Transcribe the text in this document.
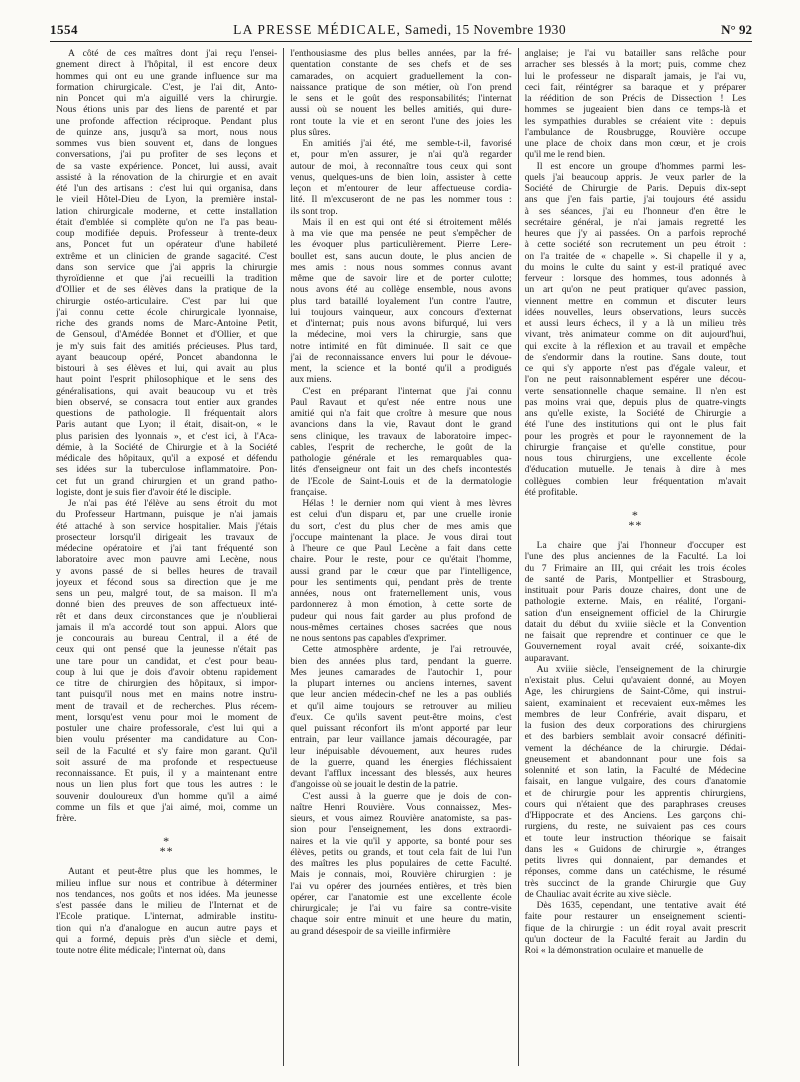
1554	LA PRESSE MÉDICALE, Samedi, 15 Novembre 1930	N° 92
A côté de ces maîtres dont j'ai reçu l'ensei-
gnement direct à l'hôpital, il est encore deux
hommes qui ont eu une grande influence sur ma
formation chirurgicale. C'est, je l'ai dit, Anto-
nin Poncet qui m'a aiguillé vers la chirurgie.
Nous étions unis par des liens de parenté et par
une profonde affection réciproque. Pendant plus
de quinze ans, jusqu'à sa mort, nous nous
sommes vus bien souvent et, dans de longues
conversations, j'ai pu profiter de ses leçons et
de sa vaste expérience. Poncet, lui aussi, avait
assisté à la rénovation de la chirurgie et en avait
été l'un des artisans : c'est lui qui organisa, dans
le vieil Hôtel-Dieu de Lyon, la première instal-
lation chirurgicale moderne, et cette installation
était d'emblée si complète qu'on ne l'a pas beau-
coup modifiée depuis. Professeur à trente-deux
ans, Poncet fut un opérateur d'une habileté
extrême et un clinicien de grande sagacité. C'est
dans son service que j'ai appris la chirurgie
thyroïdienne et que j'ai recueilli la tradition
d'Ollier et de ses élèves dans la pratique de la
chirurgie ostéo-articulaire. C'est par lui que
j'ai connu cette école chirurgicale lyonnaise,
riche des grands noms de Marc-Antoine Petit,
de Gensoul, d'Amédée Bonnet et d'Ollier, et que
je m'y suis fait des amitiés précieuses. Plus tard,
ayant beaucoup opéré, Poncet abandonna le
bistouri à ses élèves et lui, qui avait au plus
haut point l'esprit philosophique et le sens des
généralisations, qui avait beaucoup vu et très
bien observé, se consacra tout entier aux grandes
questions de pathologie. Il fréquentait alors
Paris autant que Lyon; il était, disait-on, « le
plus parisien des lyonnais », et c'est ici, à l'Aca-
démie, à la Société de Chirurgie et à la Société
médicale des hôpitaux, qu'il a exposé et défendu
ses idées sur la tuberculose inflammatoire. Pon-
cet fut un grand chirurgien et un grand patho-
logiste, dont je suis fier d'avoir été le disciple.
Je n'ai pas été l'élève au sens étroit du mot
du Professeur Hartmann, puisque je n'ai jamais
été attaché à son service hospitalier. Mais j'étais
prosecteur lorsqu'il dirigeait les travaux de
médecine opératoire et j'ai tant fréquenté son
laboratoire avec mon pauvre ami Lecène, nous
y avons passé de si belles heures de travail
joyeux et fécond sous sa direction que je me
sens un peu, malgré tout, de sa maison. Il m'a
donné bien des preuves de son affectueux inté-
rêt et dans deux circonstances que je n'oublierai
jamais il m'a accordé tout son appui. Alors que
je concourais au bureau Central, il a été de
ceux qui ont pensé que la jeunesse n'était pas
une tare pour un candidat, et c'est pour beau-
coup à lui que je dois d'avoir obtenu rapidement
ce titre de chirurgien des hôpitaux, si impor-
tant puisqu'il nous met en mains notre instru-
ment de travail et de recherches. Plus récem-
ment, lorsqu'est venu pour moi le moment de
postuler une chaire professorale, c'est lui qui a
bien voulu présenter ma candidature au Con-
seil de la Faculté et s'y faire mon garant. Qu'il
soit assuré de ma profonde et respectueuse
reconnaissance. Et puis, il y a maintenant entre
nous un lien plus fort que tous les autres : le
souvenir douloureux d'un homme qu'il a aimé
comme un fils et que j'ai aimé, moi, comme un
frère.
*
**
Autant et peut-être plus que les hommes, le
milieu influe sur nous et contribue à déterminer
nos tendances, nos goûts et nos idées. Ma jeunesse
s'est passée dans le milieu de l'Internat et de
l'Ecole pratique. L'internat, admirable institu-
tion qui n'a d'analogue en aucun autre pays et
qui a formé, depuis près d'un siècle et demi,
toute notre élite médicale; l'internat où, dans
l'enthousiasme des plus belles années, par la fré-
quentation constante de ses chefs et de ses
camarades, on acquiert graduellement la con-
naissance pratique de son métier, où l'on prend
le sens et le goût des responsabilités; l'internat
aussi où se nouent les belles amitiés, qui dure-
ront toute la vie et en seront l'une des joies les
plus sûres.
En amitiés j'ai été, me semble-t-il, favorisé
et, pour m'en assurer, je n'ai qu'à regarder
autour de moi, à reconnaître tous ceux qui sont
venus, quelques-uns de bien loin, assister à cette
leçon et m'entourer de leur affectueuse cordia-
lité. Il m'excuseront de ne pas les nommer tous :
ils sont trop.
Mais il en est qui ont été si étroitement mêlés
à ma vie que ma pensée ne peut s'empêcher de
les évoquer plus particulièrement. Pierre Lere-
boullet est, sans aucun doute, le plus ancien de
mes amis : nous nous sommes connus avant
même que de savoir lire et de porter culotte;
nous avons été au collège ensemble, nous avons
plus tard bataillé loyalement l'un contre l'autre,
lui toujours vainqueur, aux concours d'externat
et d'internat; puis nous avons bifurqué, lui vers
la médecine, moi vers la chirurgie, sans que
notre intimité en fût diminuée. Il sait ce que
j'ai de reconnaissance envers lui pour le dévoue-
ment, la science et la bonté qu'il a prodigués
aux miens.
C'est en préparant l'internat que j'ai connu
Paul Ravaut et qu'est née entre nous une
amitié qui n'a fait que croître à mesure que nous
avancions dans la vie, Ravaut dont le grand
sens clinique, les travaux de laboratoire impec-
cables, l'esprit de recherche, le goût de la
pathologie générale et les remarquables qua-
lités d'enseigneur ont fait un des chefs incontestés
de l'Ecole de Saint-Louis et de la dermatologie
française.
Hélas ! le dernier nom qui vient à mes lèvres
est celui d'un disparu et, par une cruelle ironie
du sort, c'est du plus cher de mes amis que
j'occupe maintenant la place. Je vous dirai tout
à l'heure ce que Paul Lecène a fait dans cette
chaire. Pour le reste, pour ce qu'était l'homme,
aussi grand par le cœur que par l'intelligence,
pour les sentiments qui, pendant près de trente
années, nous ont fraternellement unis, vous
pardonnerez à mon émotion, à cette sorte de
pudeur qui nous fait garder au plus profond de
nous-mêmes certaines choses sacrées que nous
ne nous sentons pas capables d'exprimer.
Cette atmosphère ardente, je l'ai retrouvée,
bien des années plus tard, pendant la guerre.
Mes jeunes camarades de l'autochir 1, pour
la plupart internes ou anciens internes, savent
que leur ancien médecin-chef ne les a pas oubliés
et qu'il aime toujours se retrouver au milieu
d'eux. Ce qu'ils savent peut-être moins, c'est
quel puissant réconfort ils m'ont apporté par leur
entrain, par leur vaillance jamais découragée, par
leur inépuisable dévouement, aux heures rudes
de la guerre, quand les énergies fléchissaient
devant l'afflux incessant des blessés, aux heures
d'angoisse où se jouait le destin de la patrie.
C'est aussi à la guerre que je dois de con-
naître Henri Rouvière. Vous connaissez, Mes-
sieurs, et vous aimez Rouvière anatomiste, sa pas-
sion pour l'enseignement, les dons extraordi-
naires et la vie qu'il y apporte, sa bonté pour ses
élèves, petits ou grands, et tout cela fait de lui l'un
des maîtres les plus populaires de cette Faculté.
Mais je connais, moi, Rouvière chirurgien : je
l'ai vu opérer des journées entières, et très bien
opérer, car l'anatomie est une excellente école
chirurgicale; je l'ai vu faire sa contre-visite
chaque soir entre minuit et une heure du matin,
au grand désespoir de sa vieille infirmière
anglaise; je l'ai vu batailler sans relâche pour
arracher ses blessés à la mort; puis, comme chez
lui le professeur ne disparaît jamais, je l'ai vu,
ceci fait, réintégrer sa baraque et y préparer
la réédition de son Précis de Dissection ! Les
hommes se jugeaient bien dans ce temps-là et
les sympathies durables se créaient vite : depuis
l'ambulance de Rousbrugge, Rouvière occupe
une place de choix dans mon cœur, et je crois
qu'il me le rend bien.
Il est encore un groupe d'hommes parmi les-
quels j'ai beaucoup appris. Je veux parler de la
Société de Chirurgie de Paris. Depuis dix-sept
ans que j'en fais partie, j'ai toujours été assidu
à ses séances, j'ai eu l'honneur d'en être le
secrétaire général, je n'ai jamais regretté les
heures que j'y ai passées. On a parfois reproché
à cette société son recrutement un peu étroit :
on l'a traitée de « chapelle ». Si chapelle il y a,
du moins le culte du saint y est-il pratiqué avec
ferveur : lorsque des hommes, tous adonnés à
un art qu'on ne peut pratiquer qu'avec passion,
viennent mettre en commun et discuter leurs
idées nouvelles, leurs observations, leurs succès
et aussi leurs échecs, il y a là un milieu très
vivant, très animateur comme on dit aujourd'hui,
qui excite à la réflexion et au travail et empêche
de s'endormir dans la routine. Sans doute, tout
ce qui s'y apporte n'est pas d'égale valeur, et
l'on ne peut raisonnablement espérer une décou-
verte sensationnelle chaque semaine. Il n'en est
pas moins vrai que, depuis plus de quatre-vingts
ans qu'elle existe, la Société de Chirurgie a
été l'une des institutions qui ont le plus fait
pour les progrès et pour le rayonnement de la
chirurgie française et qu'elle constitue, pour
nous tous chirurgiens, une excellente école
d'éducation mutuelle. Je tenais à dire à mes
collègues combien leur fréquentation m'avait
été profitable.
*
**
La chaire que j'ai l'honneur d'occuper est
l'une des plus anciennes de la Faculté. La loi
du 7 Frimaire an III, qui créait les trois écoles
de santé de Paris, Montpellier et Strasbourg,
instituait pour Paris douze chaires, dont une de
pathologie externe. Mais, en réalité, l'organi-
sation d'un enseignement officiel de la Chirurgie
datait du début du xviiie siècle et la Convention
ne faisait que reprendre et continuer ce que le
Gouvernement royal avait créé, soixante-dix
auparavant.
Au xviiie siècle, l'enseignement de la chirurgie
n'existait plus. Celui qu'avaient donné, au Moyen
Age, les chirurgiens de Saint-Côme, qui instrui-
saient, examinaient et recevaient eux-mêmes les
membres de leur Confrérie, avait disparu, et
la fusion des deux corporations des chirurgiens
et des barbiers semblait avoir consacré définiti-
vement la déchéance de la chirurgie. Dédai-
gneusement et abandonnant pour une fois sa
solennité et son latin, la Faculté de Médecine
faisait, en langue vulgaire, des cours d'anatomie
et de chirurgie pour les apprentis chirurgiens,
cours qui n'étaient que des paraphrases creuses
d'Hippocrate et des Anciens. Les garçons chi-
rurgiens, du reste, ne suivaient pas ces cours
et toute leur instruction théorique se faisait
dans les « Guidons de chirurgie », étranges
petits livres qui donnaient, par demandes et
réponses, comme dans un catéchisme, le résumé
très succinct de la grande Chirurgie que Guy
de Chauliac avait écrite au xive siècle.
Dès 1635, cependant, une tentative avait été
faite pour restaurer un enseignement scienti-
fique de la chirurgie : un édit royal avait prescrit
qu'un docteur de la Faculté ferait au Jardin du
Roi « la démonstration oculaire et manuelle de
